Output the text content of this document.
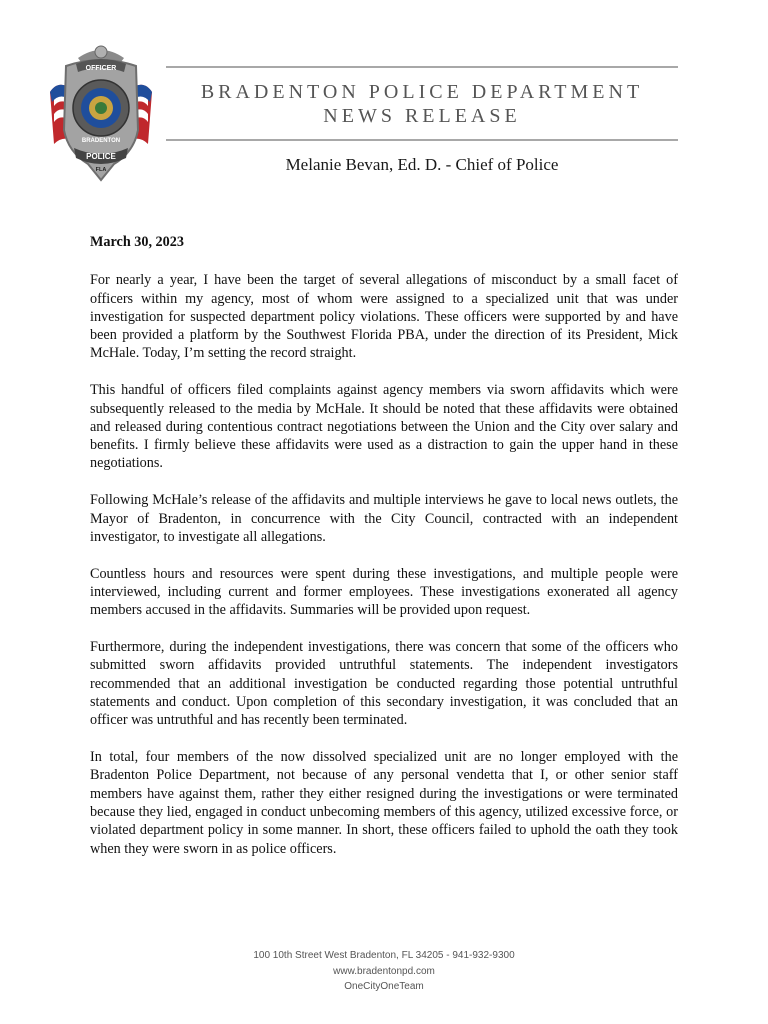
OFFICER
BRADENTON
POLICE
FLA
BRADENTON POLICE DEPARTMENT
NEWS RELEASE
Melanie Bevan, Ed. D. - Chief of Police
March 30, 2023

For nearly a year, I have been the target of several allegations of misconduct by a small facet of officers within my agency, most of whom were assigned to a specialized unit that was under investigation for suspected department policy violations. These officers were supported by and have been provided a platform by the Southwest Florida PBA, under the direction of its President, Mick McHale. Today, I’m setting the record straight.

This handful of officers filed complaints against agency members via sworn affidavits which were subsequently released to the media by McHale. It should be noted that these affidavits were obtained and released during contentious contract negotiations between the Union and the City over salary and benefits. I firmly believe these affidavits were used as a distraction to gain the upper hand in these negotiations.

Following McHale’s release of the affidavits and multiple interviews he gave to local news outlets, the Mayor of Bradenton, in concurrence with the City Council, contracted with an independent investigator, to investigate all allegations.

Countless hours and resources were spent during these investigations, and multiple people were interviewed, including current and former employees. These investigations exonerated all agency members accused in the affidavits. Summaries will be provided upon request.

Furthermore, during the independent investigations, there was concern that some of the officers who submitted sworn affidavits provided untruthful statements. The independent investigators recommended that an additional investigation be conducted regarding those potential untruthful statements and conduct. Upon completion of this secondary investigation, it was concluded that an officer was untruthful and has recently been terminated.

In total, four members of the now dissolved specialized unit are no longer employed with the Bradenton Police Department, not because of any personal vendetta that I, or other senior staff members have against them, rather they either resigned during the investigations or were terminated because they lied, engaged in conduct unbecoming members of this agency, utilized excessive force, or violated department policy in some manner. In short, these officers failed to uphold the oath they took when they were sworn in as police officers.

100 10th Street West Bradenton, FL 34205 - 941-932-9300
www.bradentonpd.com
OneCityOneTeam
